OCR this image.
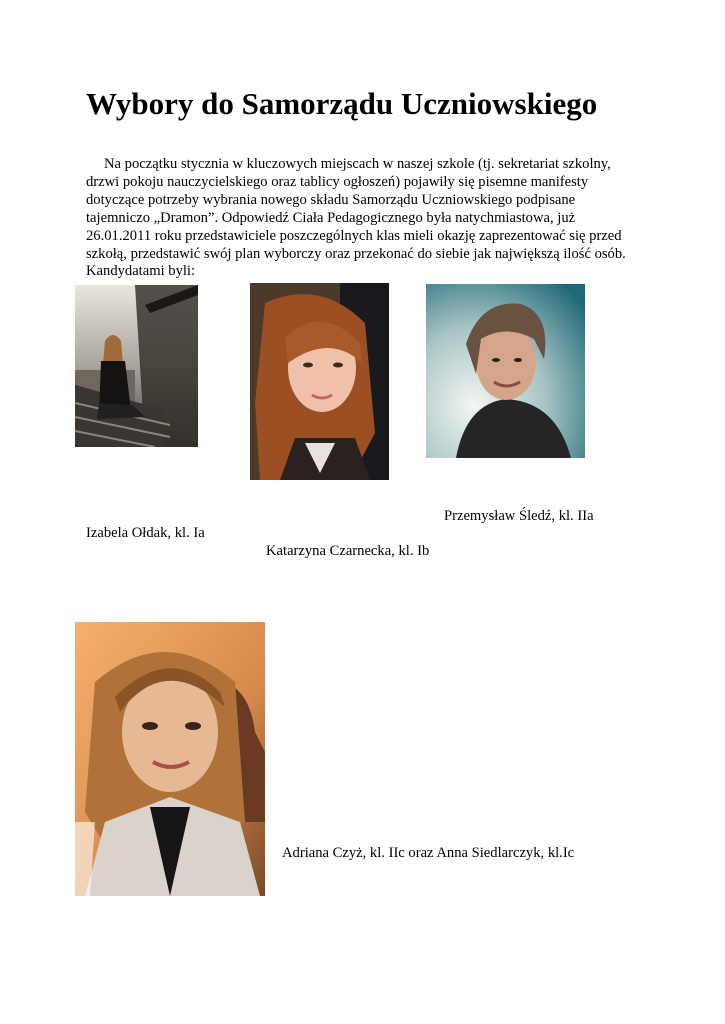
Wybory do Samorządu Uczniowskiego
Na początku stycznia w kluczowych miejscach w naszej szkole (tj. sekretariat szkolny,
drzwi pokoju nauczycielskiego oraz tablicy ogłoszeń) pojawiły się pisemne manifesty
dotyczące potrzeby wybrania nowego składu Samorządu Uczniowskiego podpisane
tajemniczo „Dramon”. Odpowiedź Ciała Pedagogicznego była natychmiastowa, już
26.01.2011 roku przedstawiciele poszczególnych klas mieli okazję zaprezentować się przed
szkołą, przedstawić swój plan wyborczy oraz przekonać do siebie jak największą ilość osób.
Kandydatami byli:
Przemysław Śledź, kl. IIa
Izabela Ołdak, kl. Ia
Katarzyna Czarnecka, kl. Ib
Adriana Czyż, kl. IIc oraz Anna Siedlarczyk, kl.Ic
